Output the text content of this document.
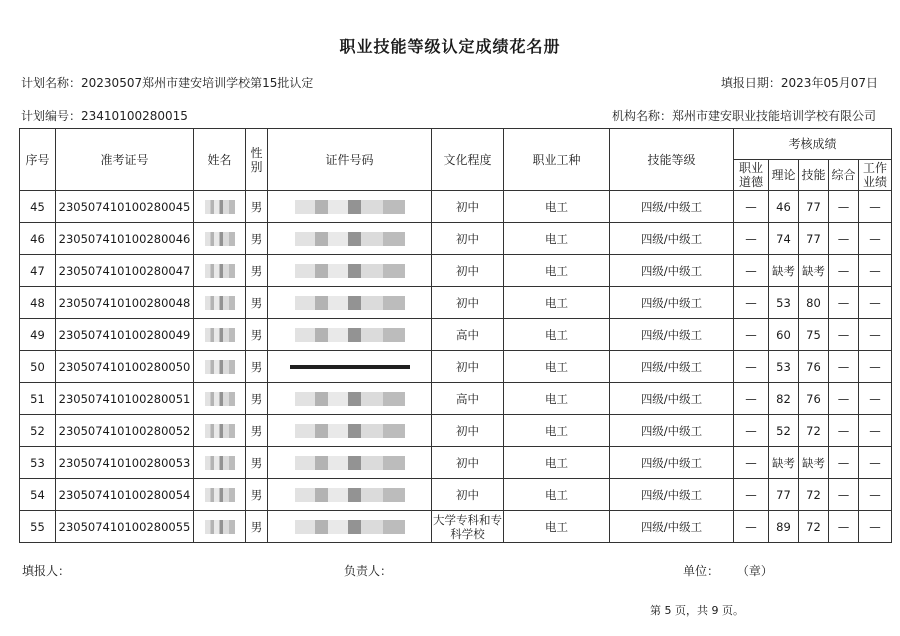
职业技能等级认定成绩花名册
计划名称：20230507郑州市建安培训学校第15批认定	填报日期：2023年05月07日
计划编号：23410100280015	机构名称：郑州市建安职业技能培训学校有限公司
序号	准考证号	姓名	性别	证件号码	文化程度	职业工种	技能等级	考核成绩				
								职业道德	理论	技能	综合	工作业绩
45	230507410100280045		男		初中	电工	四级/中级工	—	46	77	—	—
46	230507410100280046		男		初中	电工	四级/中级工	—	74	77	—	—
47	230507410100280047		男		初中	电工	四级/中级工	—	缺考	缺考	—	—
48	230507410100280048		男		初中	电工	四级/中级工	—	53	80	—	—
49	230507410100280049		男		高中	电工	四级/中级工	—	60	75	—	—
50	230507410100280050		男		初中	电工	四级/中级工	—	53	76	—	—
51	230507410100280051		男		高中	电工	四级/中级工	—	82	76	—	—
52	230507410100280052		男		初中	电工	四级/中级工	—	52	72	—	—
53	230507410100280053		男		初中	电工	四级/中级工	—	缺考	缺考	—	—
54	230507410100280054		男		初中	电工	四级/中级工	—	77	72	—	—
55	230507410100280055		男		大学专科和专科学校	电工	四级/中级工	—	89	72	—	—
填报人：	负责人：	单位： （章）
第 5 页，共 9 页。
